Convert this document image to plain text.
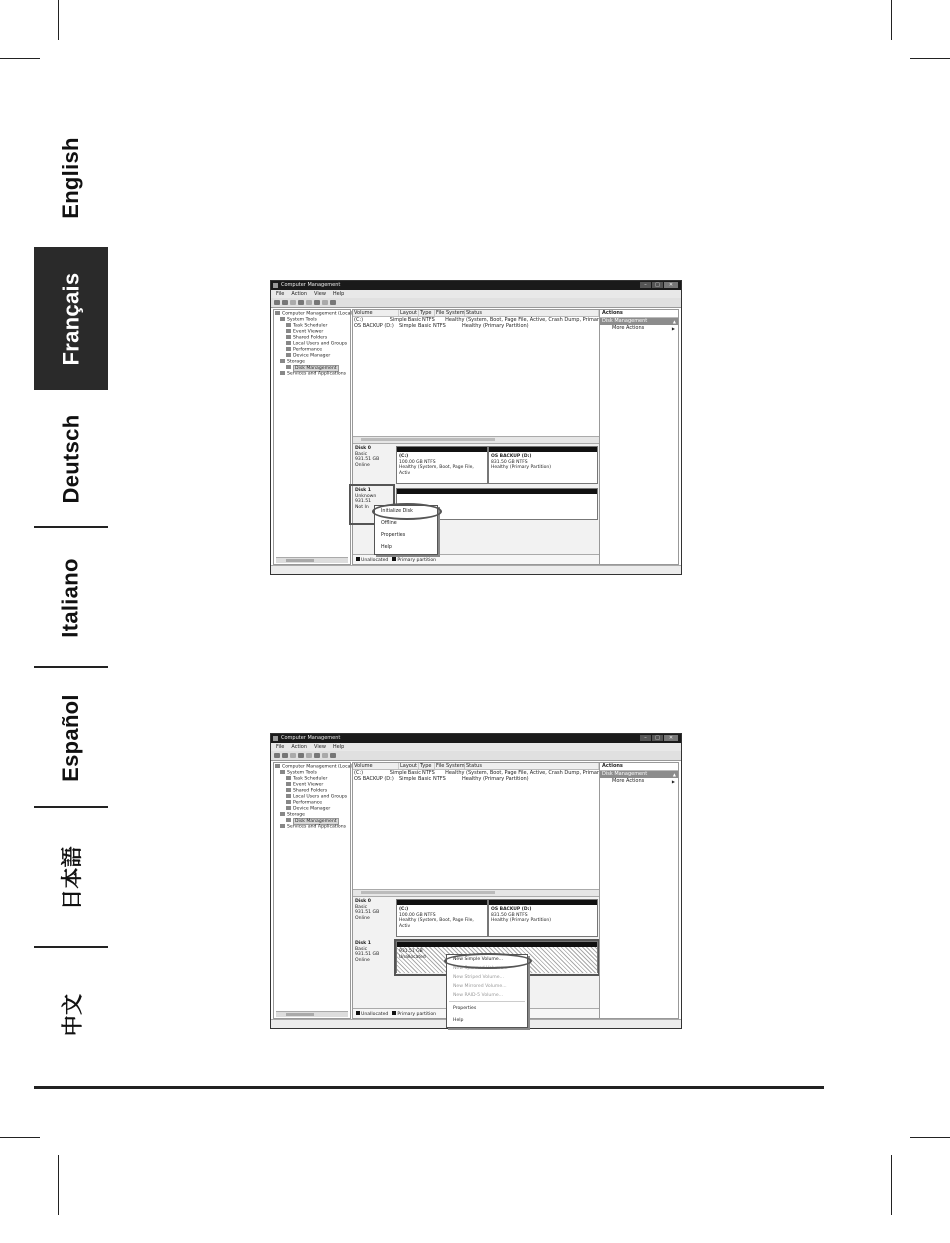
English
Français
Deutsch
Italiano
Español
日本語
中文
Computer Management	–	□	✕
File Action View Help
Computer Management (Local
System Tools
Task Scheduler
Event Viewer
Shared Folders
Local Users and Groups
Performance
Device Manager
Storage
Disk Management
Services and Applications
Volume	Layout Type File System Status
(C:)	Simple Basic NTFS	Healthy (System, Boot, Page File, Active, Crash Dump, Primar
OS BACKUP (D:)	Simple Basic NTFS	Healthy (Primary Partition)
Disk 0
Basic
931.51 GB
Online
(C:)
100.00 GB NTFS
Healthy (System, Boot, Page File, Activ
OS BACKUP (D:)
831.50 GB NTFS
Healthy (Primary Partition)
Disk 1
Unknown
931.51
Not In
Unallocated	Primary partition
Actions
Disk Management ▲
More Actions ▶
Initialize Disk
Offline
Properties
Help
Computer Management	–	□	✕
File Action View Help
Computer Management (Local
System Tools
Task Scheduler
Event Viewer
Shared Folders
Local Users and Groups
Performance
Device Manager
Storage
Disk Management
Services and Applications
Volume	Layout Type File System Status
(C:)	Simple Basic NTFS	Healthy (System, Boot, Page File, Active, Crash Dump, Primar
OS BACKUP (D:)	Simple Basic NTFS	Healthy (Primary Partition)
Disk 0
Basic
931.51 GB
Online
(C:)
100.00 GB NTFS
Healthy (System, Boot, Page File, Activ
OS BACKUP (D:)
831.50 GB NTFS
Healthy (Primary Partition)
Disk 1
Basic
931.51 GB
Online
931.51 GB
Unallocated
Unallocated	Primary partition
Actions
Disk Management ▲
More Actions ▶
New Simple Volume...
New Spanned Volume...
New Striped Volume...
New Mirrored Volume...
New RAID-5 Volume...
Properties
Help
